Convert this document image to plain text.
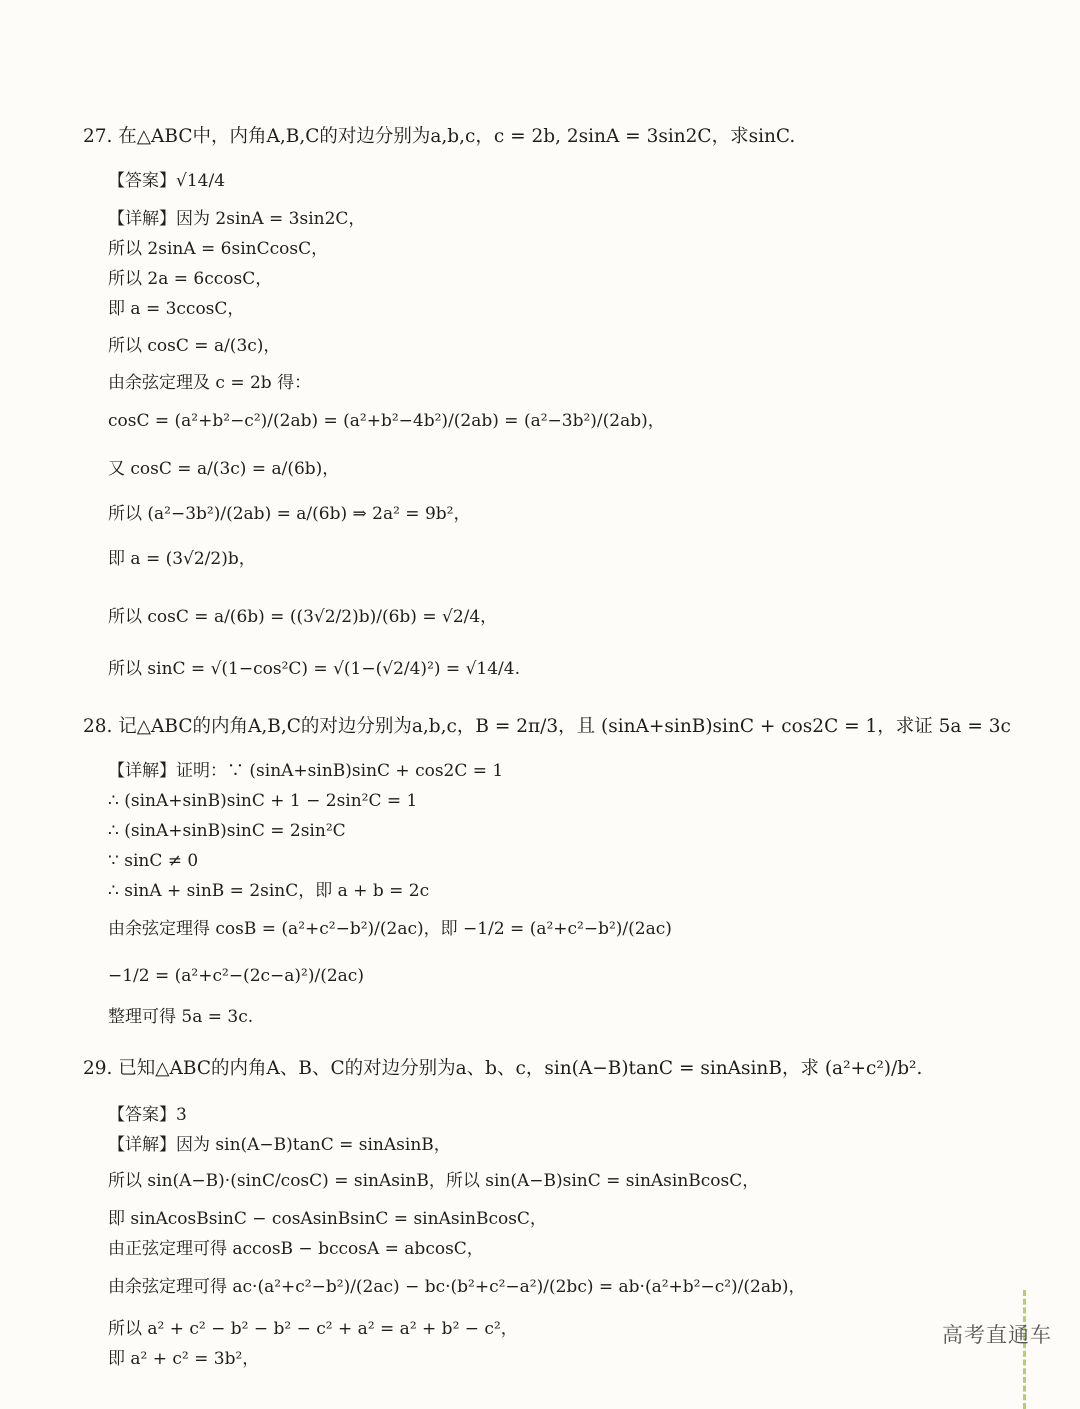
27. 在△ABC中，内角A,B,C的对边分别为a,b,c，c = 2b, 2sinA = 3sin2C，求sinC.
【答案】√14/4
【详解】因为 2sinA = 3sin2C，
所以 2sinA = 6sinCcosC，
所以 2a = 6ccosC，
即 a = 3ccosC，
所以 cosC = a/(3c)，
由余弦定理及 c = 2b 得：
cosC = (a²+b²−c²)/(2ab) = (a²+b²−4b²)/(2ab) = (a²−3b²)/(2ab)，
又 cosC = a/(3c) = a/(6b)，
所以 (a²−3b²)/(2ab) = a/(6b) ⇒ 2a² = 9b²，
即 a = (3√2/2)b，
所以 cosC = a/(6b) = ((3√2/2)b)/(6b) = √2/4，
所以 sinC = √(1−cos²C) = √(1−(√2/4)²) = √14/4.
28. 记△ABC的内角A,B,C的对边分别为a,b,c，B = 2π/3，且 (sinA+sinB)sinC + cos2C = 1，求证 5a = 3c
【详解】证明：∵ (sinA+sinB)sinC + cos2C = 1
∴ (sinA+sinB)sinC + 1 − 2sin²C = 1
∴ (sinA+sinB)sinC = 2sin²C
∵ sinC ≠ 0
∴ sinA + sinB = 2sinC，即 a + b = 2c
由余弦定理得 cosB = (a²+c²−b²)/(2ac)，即 −1/2 = (a²+c²−b²)/(2ac)
−1/2 = (a²+c²−(2c−a)²)/(2ac)
整理可得 5a = 3c.
29. 已知△ABC的内角A、B、C的对边分别为a、b、c，sin(A−B)tanC = sinAsinB，求 (a²+c²)/b².
【答案】3
【详解】因为 sin(A−B)tanC = sinAsinB，
所以 sin(A−B)·(sinC/cosC) = sinAsinB，所以 sin(A−B)sinC = sinAsinBcosC，
即 sinAcosBsinC − cosAsinBsinC = sinAsinBcosC，
由正弦定理可得 accosB − bccosA = abcosC，
由余弦定理可得 ac·(a²+c²−b²)/(2ac) − bc·(b²+c²−a²)/(2bc) = ab·(a²+b²−c²)/(2ab)，
所以 a² + c² − b² − b² − c² + a² = a² + b² − c²，
即 a² + c² = 3b²，
高考直通车
